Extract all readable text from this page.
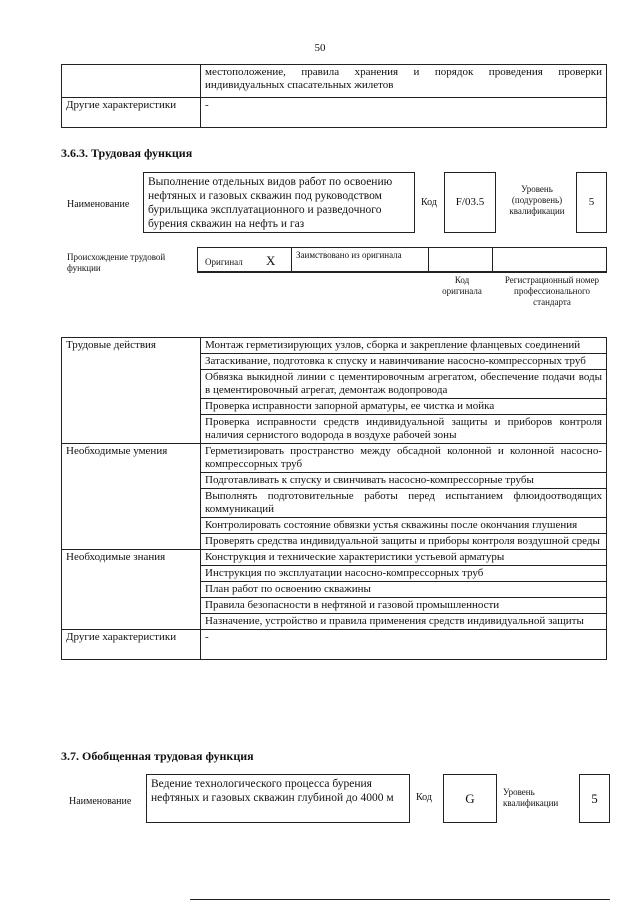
50
	местоположение, правила хранения и порядок проведения проверки индивидуальных спасательных жилетов
Другие характеристики	-
3.6.3. Трудовая функция
Наименование
Выполнение отдельных видов работ по освоению нефтяных и газовых скважин под руководством бурильщика эксплуатационного и разведочного бурения скважин на нефть и газ
Код	F/03.5
Уровень (подуровень) квалификации
5
Происхождение трудовой функции
Оригинал X Заимствовано из оригинала
Код оригинала
Регистрационный номер профессионального стандарта
Трудовые действия	Монтаж герметизирующих узлов, сборка и закрепление фланцевых соединений
	Затаскивание, подготовка к спуску и навинчивание насосно-компрессорных труб
	Обвязка выкидной линии с цементировочным агрегатом, обеспечение подачи воды в цементировочный агрегат, демонтаж водопровода
	Проверка исправности запорной арматуры, ее чистка и мойка
	Проверка исправности средств индивидуальной защиты и приборов контроля наличия сернистого водорода в воздухе рабочей зоны
Необходимые умения	Герметизировать пространство между обсадной колонной и колонной насосно-компрессорных труб
	Подготавливать к спуску и свинчивать насосно-компрессорные трубы
	Выполнять подготовительные работы перед испытанием флюидоотводящих коммуникаций
	Контролировать состояние обвязки устья скважины после окончания глушения
	Проверять средства индивидуальной защиты и приборы контроля воздушной среды
Необходимые знания	Конструкция и технические характеристики устьевой арматуры
	Инструкция по эксплуатации насосно-компрессорных труб
	План работ по освоению скважины
	Правила безопасности в нефтяной и газовой промышленности
	Назначение, устройство и правила применения средств индивидуальной защиты
Другие характеристики	-
3.7. Обобщенная трудовая функция
Наименование
Ведение технологического процесса бурения нефтяных и газовых скважин глубиной до 4000 м	Код	G	Уровень квалификации	5
